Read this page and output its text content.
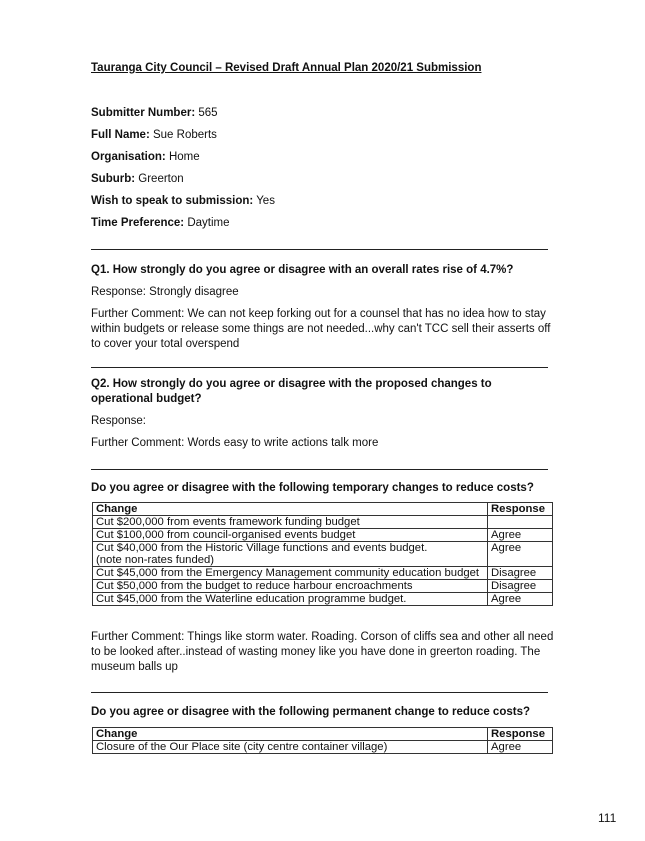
Tauranga City Council – Revised Draft Annual Plan 2020/21 Submission
Submitter Number: 565
Full Name: Sue Roberts
Organisation: Home
Suburb: Greerton
Wish to speak to submission: Yes
Time Preference: Daytime
Q1. How strongly do you agree or disagree with an overall rates rise of 4.7%?
Response: Strongly disagree
Further Comment: We can not keep forking out for a counsel that has no idea how to stay within budgets or release some things are not needed...why can't TCC sell their asserts off to cover your total overspend
Q2. How strongly do you agree or disagree with the proposed changes to operational budget?
Response:
Further Comment: Words easy to write actions talk more
Do you agree or disagree with the following temporary changes to reduce costs?
Change	Response
Cut $200,000 from events framework funding budget	
Cut $100,000 from council-organised events budget	Agree

Cut $40,000 from the Historic Village functions and events budget.
(note non-rates funded)	Agree
Cut $45,000 from the Emergency Management community education budget	Disagree
Cut $50,000 from the budget to reduce harbour encroachments	Disagree
Cut $45,000 from the Waterline education programme budget.	Agree
Further Comment: Things like storm water. Roading. Corson of cliffs sea and other all need to be looked after..instead of wasting money like you have done in greerton roading. The museum balls up
Do you agree or disagree with the following permanent change to reduce costs?
Change	Response
Closure of the Our Place site (city centre container village)	Agree
111
